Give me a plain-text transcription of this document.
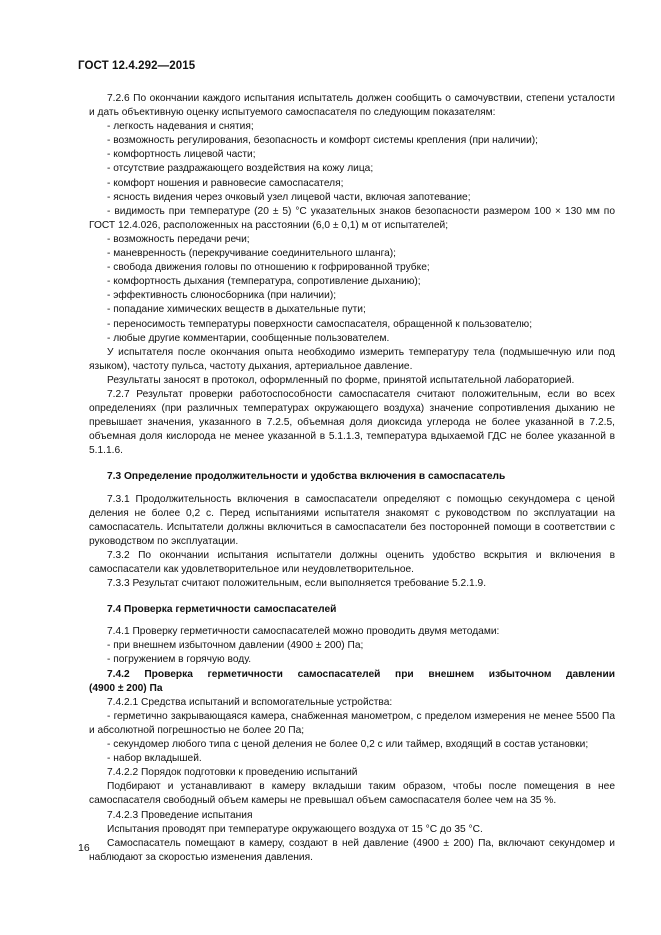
ГОСТ 12.4.292—2015

7.2.6 По окончании каждого испытания испытатель должен сообщить о самочувствии, степени усталости и дать объективную оценку испытуемого самоспасателя по следующим показателям:

- легкость надевания и снятия;

- возможность регулирования, безопасность и комфорт системы крепления (при наличии);

- комфортность лицевой части;

- отсутствие раздражающего воздействия на кожу лица;

- комфорт ношения и равновесие самоспасателя;

- ясность видения через очковый узел лицевой части, включая запотевание;

- видимость при температуре (20 ± 5) °С указательных знаков безопасности размером 100 × 130 мм по ГОСТ 12.4.026, расположенных на расстоянии (6,0 ± 0,1) м от испытателей;

- возможность передачи речи;

- маневренность (перекручивание соединительного шланга);

- свобода движения головы по отношению к гофрированной трубке;

- комфортность дыхания (температура, сопротивление дыханию);

- эффективность слюносборника (при наличии);

- попадание химических веществ в дыхательные пути;

- переносимость температуры поверхности самоспасателя, обращенной к пользователю;

- любые другие комментарии, сообщенные пользователем.

У испытателя после окончания опыта необходимо измерить температуру тела (подмышечную или под языком), частоту пульса, частоту дыхания, артериальное давление.

Результаты заносят в протокол, оформленный по форме, принятой испытательной лабораторией.

7.2.7 Результат проверки работоспособности самоспасателя считают положительным, если во всех определениях (при различных температурах окружающего воздуха) значение сопротивления дыханию не превышает значения, указанного в 7.2.5, объемная доля диоксида углерода не более указанной в 7.2.5, объемная доля кислорода не менее указанной в 5.1.1.3, температура вдыхаемой ГДС не более указанной в 5.1.1.6.

7.3 Определение продолжительности и удобства включения в самоспасатель

7.3.1 Продолжительность включения в самоспасатели определяют с помощью секундомера с ценой деления не более 0,2 с. Перед испытаниями испытателя знакомят с руководством по эксплуатации на самоспасатель. Испытатели должны включиться в самоспасатели без посторонней помощи в соответствии с руководством по эксплуатации.

7.3.2 По окончании испытания испытатели должны оценить удобство вскрытия и включения в самоспасатели как удовлетворительное или неудовлетворительное.

7.3.3 Результат считают положительным, если выполняется требование 5.2.1.9.

7.4 Проверка герметичности самоспасателей

7.4.1 Проверку герметичности самоспасателей можно проводить двумя методами:

- при внешнем избыточном давлении (4900 ± 200) Па;

- погружением в горячую воду.

7.4.2 Проверка герметичности самоспасателей при внешнем избыточном давлении

(4900 ± 200) Па

7.4.2.1 Средства испытаний и вспомогательные устройства:

- герметично закрывающаяся камера, снабженная манометром, с пределом измерения не менее 5500 Па и абсолютной погрешностью не более 20 Па;

- секундомер любого типа с ценой деления не более 0,2 с или таймер, входящий в состав установки;

- набор вкладышей.

7.4.2.2 Порядок подготовки к проведению испытаний

Подбирают и устанавливают в камеру вкладыши таким образом, чтобы после помещения в нее самоспасателя свободный объем камеры не превышал объем самоспасателя более чем на 35 %.

7.4.2.3 Проведение испытания

Испытания проводят при температуре окружающего воздуха от 15 °С до 35 °С.

Самоспасатель помещают в камеру, создают в ней давление (4900 ± 200) Па, включают секундомер и наблюдают за скоростью изменения давления.

16
